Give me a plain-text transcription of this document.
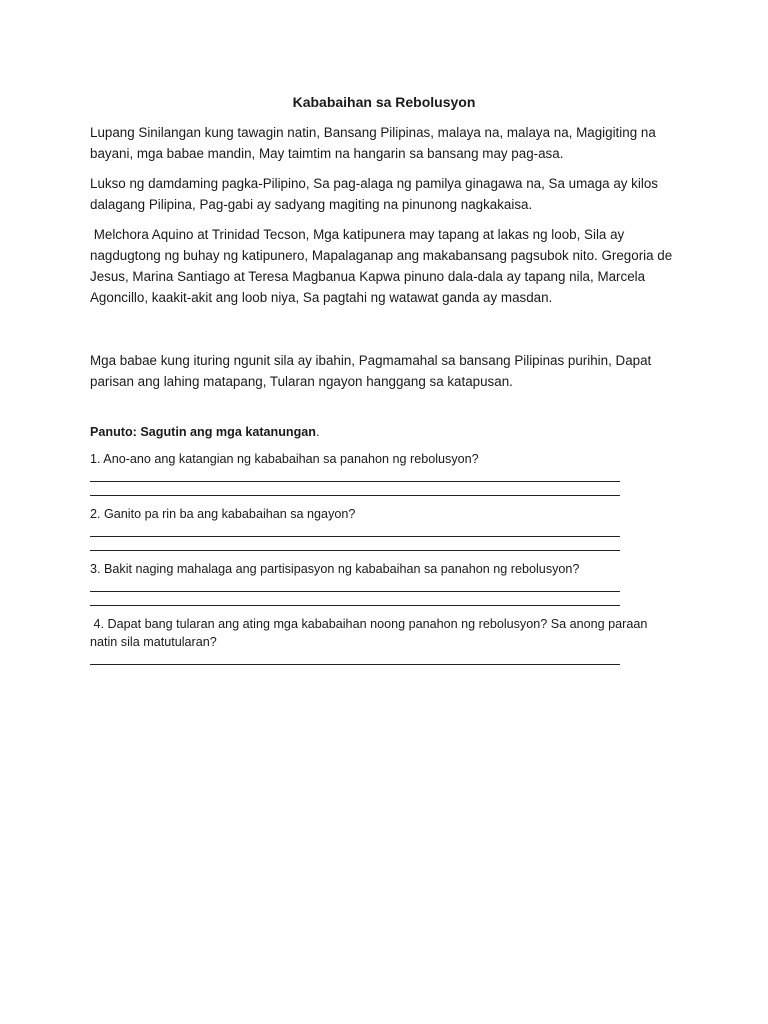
Kababaihan sa Rebolusyon

Lupang Sinilangan kung tawagin natin, Bansang Pilipinas, malaya na, malaya na, Magigiting na bayani, mga babae mandin, May taimtim na hangarin sa bansang may pag-asa.

Lukso ng damdaming pagka-Pilipino, Sa pag-alaga ng pamilya ginagawa na, Sa umaga ay kilos dalagang Pilipina, Pag-gabi ay sadyang magiting na pinunong nagkakaisa.

Melchora Aquino at Trinidad Tecson, Mga katipunera may tapang at lakas ng loob, Sila ay nagdugtong ng buhay ng katipunero, Mapalaganap ang makabansang pagsubok nito. Gregoria de Jesus, Marina Santiago at Teresa Magbanua Kapwa pinuno dala-dala ay tapang nila, Marcela Agoncillo, kaakit-akit ang loob niya, Sa pagtahi ng watawat ganda ay masdan.

Mga babae kung ituring ngunit sila ay ibahin, Pagmamahal sa bansang Pilipinas purihin, Dapat parisan ang lahing matapang, Tularan ngayon hanggang sa katapusan.

Panuto: Sagutin ang mga katanungan.

1. Ano-ano ang katangian ng kababaihan sa panahon ng rebolusyon?

2. Ganito pa rin ba ang kababaihan sa ngayon?

3. Bakit naging mahalaga ang partisipasyon ng kababaihan sa panahon ng rebolusyon?

4. Dapat bang tularan ang ating mga kababaihan noong panahon ng rebolusyon? Sa anong paraan natin sila matutularan?
